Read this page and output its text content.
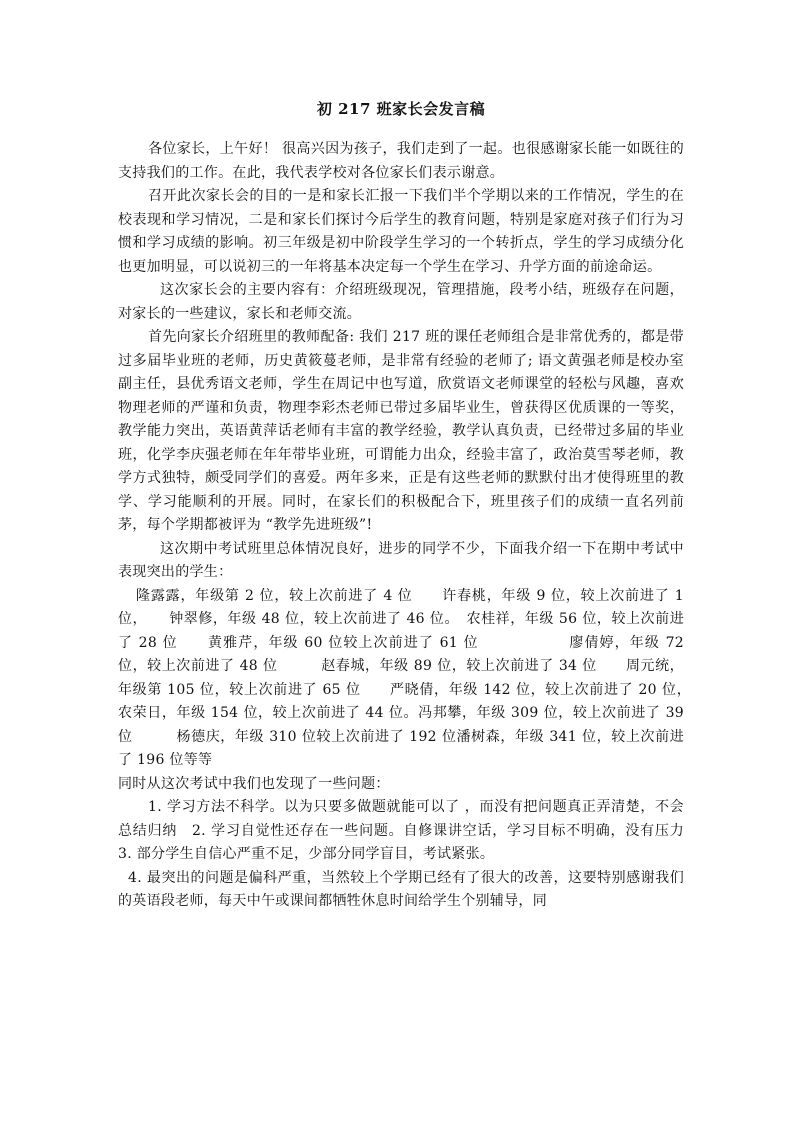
初 217 班家长会发言稿

各位家长，上午好！ 很高兴因为孩子，我们走到了一起。也很感谢家长能一如既往的支持我们的工作。在此，我代表学校对各位家长们表示谢意。

召开此次家长会的目的一是和家长汇报一下我们半个学期以来的工作情况，学生的在校表现和学习情况，二是和家长们探讨今后学生的教育问题，特别是家庭对孩子们行为习惯和学习成绩的影响。初三年级是初中阶段学生学习的一个转折点，学生的学习成绩分化也更加明显，可以说初三的一年将基本决定每一个学生在学习、升学方面的前途命运。

这次家长会的主要内容有：介绍班级现况，管理措施，段考小结，班级存在问题，对家长的一些建议，家长和老师交流。

首先向家长介绍班里的教师配备: 我们 217 班的课任老师组合是非常优秀的，都是带过多届毕业班的老师，历史黄筱蔓老师，是非常有经验的老师了; 语文黄强老师是校办室副主任，县优秀语文老师，学生在周记中也写道，欣赏语文老师课堂的轻松与风趣，喜欢物理老师的严谨和负责，物理李彩杰老师已带过多届毕业生，曾获得区优质课的一等奖，教学能力突出，英语黄萍话老师有丰富的教学经验，教学认真负责，已经带过多届的毕业班，化学李庆强老师在年年带毕业班，可谓能力出众，经验丰富了，政治莫雪琴老师，教学方式独特，颇受同学们的喜爱。两年多来，正是有这些老师的默默付出才使得班里的教学、学习能顺利的开展。同时，在家长们的积极配合下，班里孩子们的成绩一直名列前茅，每个学期都被评为 “教学先进班级”!

这次期中考试班里总体情况良好，进步的同学不少，下面我介绍一下在期中考试中表现突出的学生：

隆露露，年级第 2 位，较上次前进了 4 位　　许春桃，年级 9 位，较上次前进了 1 位，　　钟翠修，年级 48 位，较上次前进了 46 位。　农桂祥，年级 56 位，较上次前进了 28 位　　黄雅芹，年级 60 位较上次前进了 61 位　　　　　　廖倩婷，年级 72 位，较上次前进了 48 位　　　赵春城，年级 89 位，较上次前进了 34 位　　周元统，年级第 105 位，较上次前进了 65 位　　严晓倩，年级 142 位，较上次前进了 20 位，　　农荣日，年级 154 位，较上次前进了 44 位。冯邦攀，年级 309 位，较上次前进了 39 位　　　杨德庆，年级 310 位较上次前进了 192 位潘树森，年级 341 位，较上次前进了 196 位等等

同时从这次考试中我们也发现了一些问题：

1. 学习方法不科学。以为只要多做题就能可以了 ，而没有把问题真正弄清楚，不会总结归纳　2. 学习自觉性还存在一些问题。自修课讲空话，学习目标不明确，没有压力 3. 部分学生自信心严重不足，少部分同学盲目，考试紧张。

4. 最突出的问题是偏科严重，当然较上个学期已经有了很大的改善，这要特别感谢我们的英语段老师，每天中午或课间都牺牲休息时间给学生个别辅导，同
